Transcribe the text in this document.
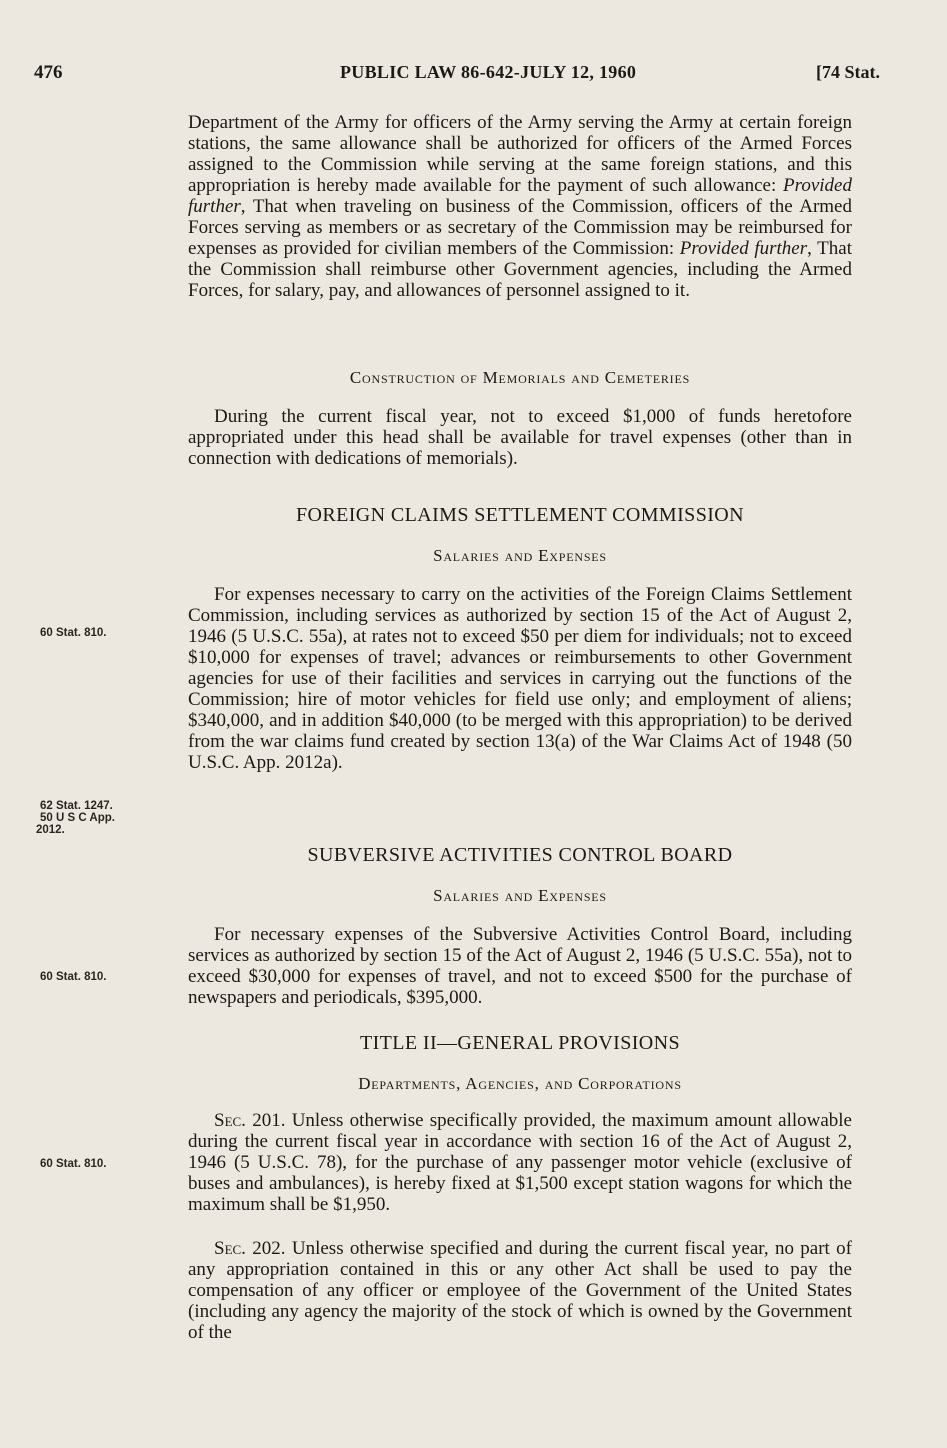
476	PUBLIC LAW 86-642-JULY 12, 1960	[74 Stat.

Department of the Army for officers of the Army serving the Army at certain foreign stations, the same allowance shall be authorized for officers of the Armed Forces assigned to the Commission while serving at the same foreign stations, and this appropriation is hereby made available for the payment of such allowance: Provided further, That when traveling on business of the Commission, officers of the Armed Forces serving as members or as secretary of the Commission may be reimbursed for expenses as provided for civilian members of the Commission: Provided further, That the Commission shall reimburse other Government agencies, including the Armed Forces, for salary, pay, and allowances of personnel assigned to it.

Construction of Memorials and Cemeteries

During the current fiscal year, not to exceed $1,000 of funds heretofore appropriated under this head shall be available for travel expenses (other than in connection with dedications of memorials).

FOREIGN CLAIMS SETTLEMENT COMMISSION
Salaries and Expenses

For expenses necessary to carry on the activities of the Foreign Claims Settlement Commission, including services as authorized by section 15 of the Act of August 2, 1946 (5 U.S.C. 55a), at rates not to exceed $50 per diem for individuals; not to exceed $10,000 for expenses of travel; advances or reimbursements to other Government agencies for use of their facilities and services in carrying out the functions of the Commission; hire of motor vehicles for field use only; and employment of aliens; $340,000, and in addition $40,000 (to be merged with this appropriation) to be derived from the war claims fund created by section 13(a) of the War Claims Act of 1948 (50 U.S.C. App. 2012a).

SUBVERSIVE ACTIVITIES CONTROL BOARD
Salaries and Expenses

For necessary expenses of the Subversive Activities Control Board, including services as authorized by section 15 of the Act of August 2, 1946 (5 U.S.C. 55a), not to exceed $30,000 for expenses of travel, and not to exceed $500 for the purchase of newspapers and periodicals, $395,000.

TITLE II—GENERAL PROVISIONS
Departments, Agencies, and Corporations

Sec. 201. Unless otherwise specifically provided, the maximum amount allowable during the current fiscal year in accordance with section 16 of the Act of August 2, 1946 (5 U.S.C. 78), for the purchase of any passenger motor vehicle (exclusive of buses and ambulances), is hereby fixed at $1,500 except station wagons for which the maximum shall be $1,950.

Sec. 202. Unless otherwise specified and during the current fiscal year, no part of any appropriation contained in this or any other Act shall be used to pay the compensation of any officer or employee of the Government of the United States (including any agency the majority of the stock of which is owned by the Government of the

60 Stat. 810.
62 Stat. 1247.
50 U S C App.
2012.
60 Stat. 810.
60 Stat. 810.
